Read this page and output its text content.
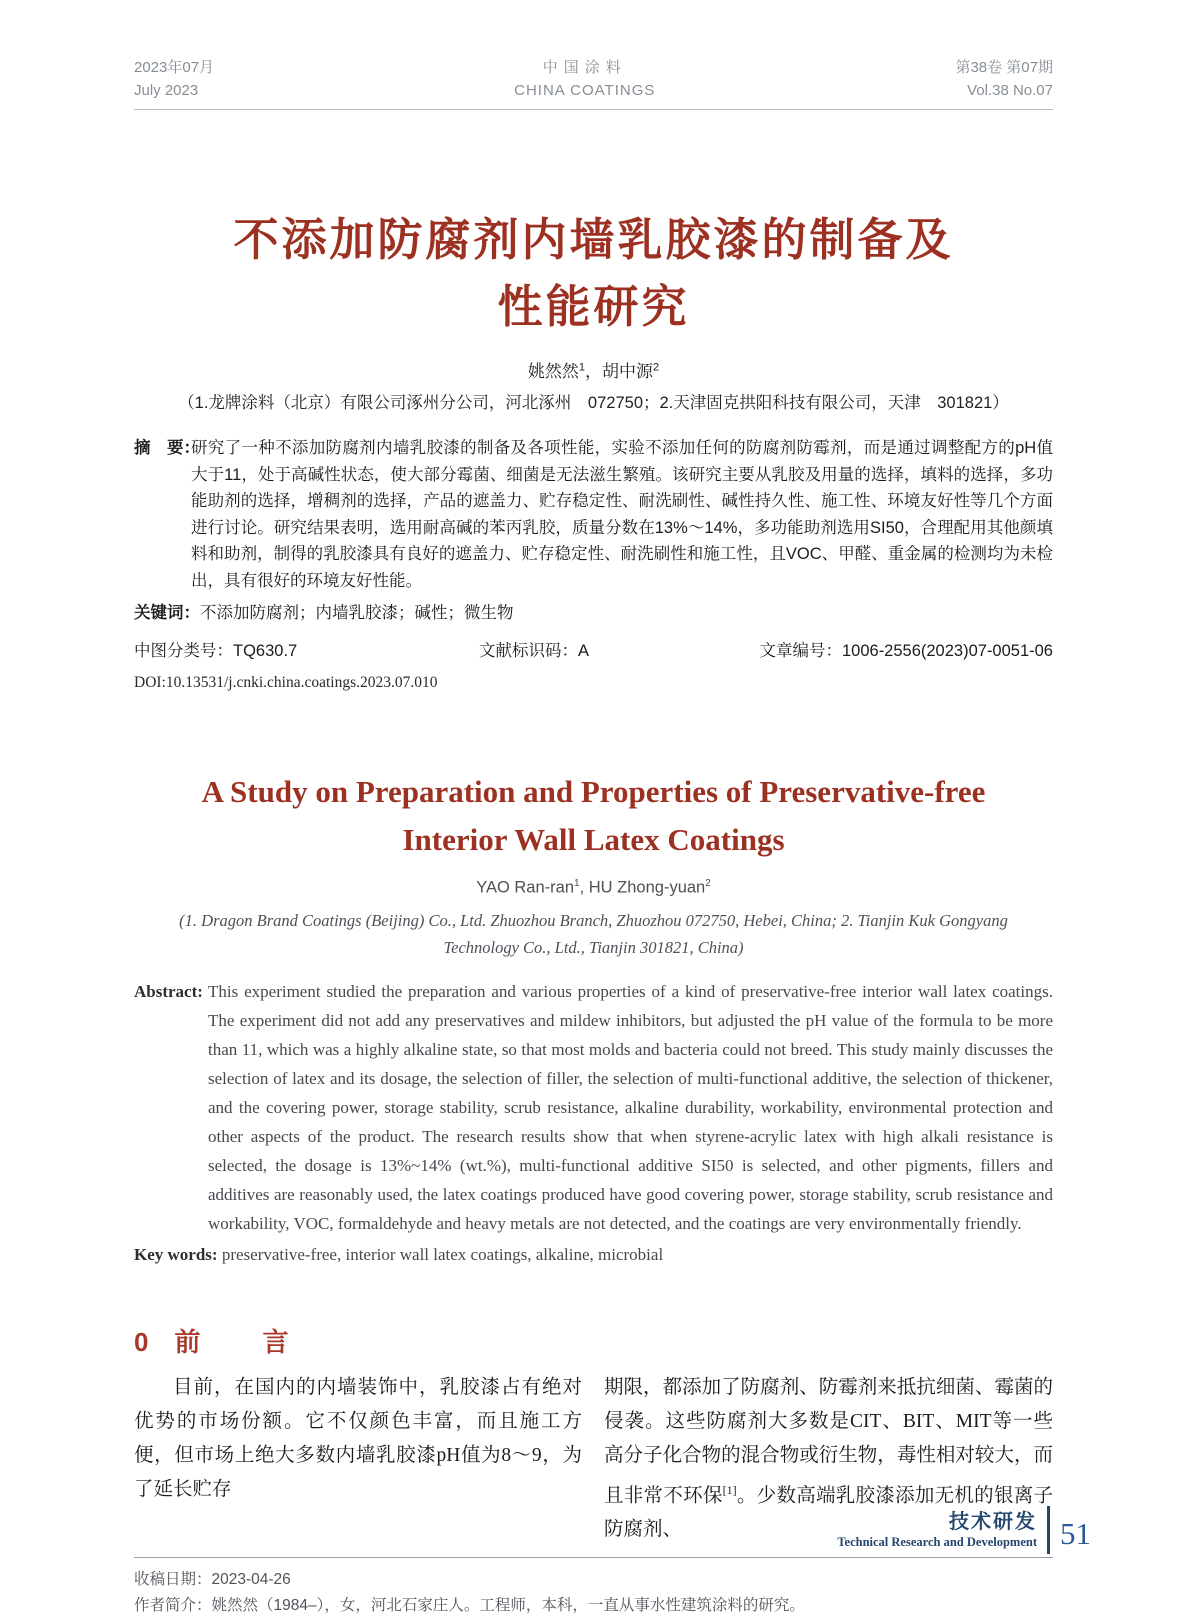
2023年07月
July 2023
中国涂料
CHINA COATINGS
第38卷 第07期
Vol.38 No.07
不添加防腐剂内墙乳胶漆的制备及
性能研究
姚然然$^1$，胡中源$^2$
（1.龙牌涂料（北京）有限公司涿州分公司，河北涿州　072750；2.天津固克拱阳科技有限公司，天津　301821）
摘　要：
研究了一种不添加防腐剂内墙乳胶漆的制备及各项性能，实验不添加任何的防腐剂防霉剂，而是通过调整配方的pH值大于11，处于高碱性状态，使大部分霉菌、细菌是无法滋生繁殖。该研究主要从乳胶及用量的选择，填料的选择，多功能助剂的选择，增稠剂的选择，产品的遮盖力、贮存稳定性、耐洗刷性、碱性持久性、施工性、环境友好性等几个方面进行讨论。研究结果表明，选用耐高碱的苯丙乳胶，质量分数在13%～14%，多功能助剂选用SI50，合理配用其他颜填料和助剂，制得的乳胶漆具有良好的遮盖力、贮存稳定性、耐洗刷性和施工性，且VOC、甲醛、重金属的检测均为未检出，具有很好的环境友好性能。
关键词：不添加防腐剂；内墙乳胶漆；碱性；微生物
中图分类号：TQ630.7	文献标识码：A	文章编号：1006-2556(2023)07-0051-06
DOI:10.13531/j.cnki.china.coatings.2023.07.010
A Study on Preparation and Properties of Preservative-free
Interior Wall Latex Coatings
YAO Ran-ran$^1$, HU Zhong-yuan$^2$
(1. Dragon Brand Coatings (Beijing) Co., Ltd. Zhuozhou Branch, Zhuozhou 072750, Hebei, China; 2. Tianjin Kuk Gongyang
Technology Co., Ltd., Tianjin 301821, China)
Abstract: This experiment studied the preparation and various properties of a kind of preservative-free interior wall latex coatings. The experiment did not add any preservatives and mildew inhibitors, but adjusted the pH value of the formula to be more than 11, which was a highly alkaline state, so that most molds and bacteria could not breed. This study mainly discusses the selection of latex and its dosage, the selection of filler, the selection of multi-functional additive, the selection of thickener, and the covering power, storage stability, scrub resistance, alkaline durability, workability, environmental protection and other aspects of the product. The research results show that when styrene-acrylic latex with high alkali resistance is selected, the dosage is 13%~14% (wt.%), multi-functional additive SI50 is selected, and other pigments, fillers and additives are reasonably used, the latex coatings produced have good covering power, storage stability, scrub resistance and workability, VOC, formaldehyde and heavy metals are not detected, and the coatings are very environmentally friendly.
Key words: preservative-free, interior wall latex coatings, alkaline, microbial
0 前　言
目前，在国内的内墙装饰中，乳胶漆占有绝对优势的市场份额。它不仅颜色丰富，而且施工方便，但市场上绝大多数内墙乳胶漆pH值为8～9，为了延长贮存
期限，都添加了防腐剂、防霉剂来抵抗细菌、霉菌的侵袭。这些防腐剂大多数是CIT、BIT、MIT等一些高分子化合物的混合物或衍生物，毒性相对较大，而且非常不环保[1]。少数高端乳胶漆添加无机的银离子防腐剂、
收稿日期：2023-04-26
作者简介：姚然然（1984–），女，河北石家庄人。工程师，本科，一直从事水性建筑涂料的研究。
技术研发
Technical Research and Development 51
